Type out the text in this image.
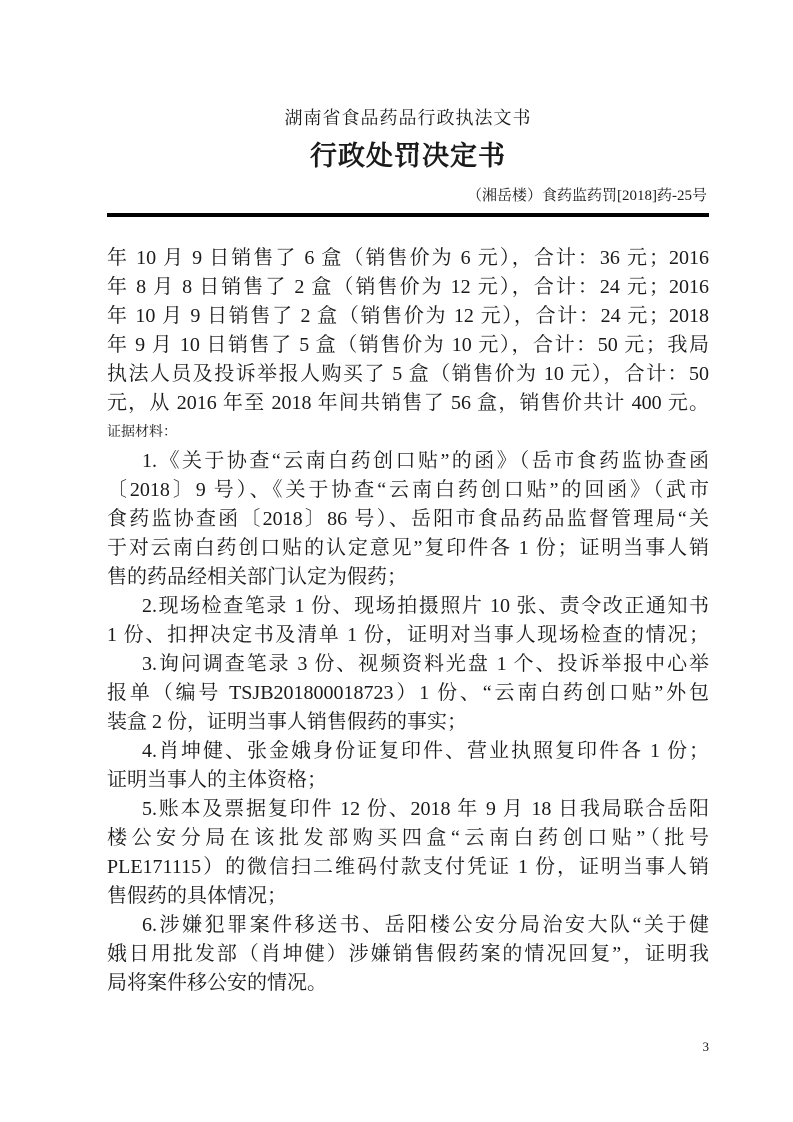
湖南省食品药品行政执法文书
行政处罚决定书
（湘岳楼）食药监药罚[2018]药-25号
年 10 月 9 日销售了 6 盒（销售价为 6 元），合计：36 元；2016
年 8 月 8 日销售了 2 盒（销售价为 12 元），合计：24 元；2016
年 10 月 9 日销售了 2 盒（销售价为 12 元），合计：24 元；2018
年 9 月 10 日销售了 5 盒（销售价为 10 元），合计：50 元；我局
执法人员及投诉举报人购买了 5 盒（销售价为 10 元），合计：50
元，从 2016 年至 2018 年间共销售了 56 盒，销售价共计 400 元。
证据材料：
1.《关于协查“云南白药创口贴”的函》（岳市食药监协查函
〔2018〕9 号）、《关于协查“云南白药创口贴”的回函》（武市
食药监协查函〔2018〕86 号）、岳阳市食品药品监督管理局“关
于对云南白药创口贴的认定意见”复印件各 1 份；证明当事人销
售的药品经相关部门认定为假药；
2.现场检查笔录 1 份、现场拍摄照片 10 张、责令改正通知书
1 份、扣押决定书及清单 1 份，证明对当事人现场检查的情况；
3.询问调查笔录 3 份、视频资料光盘 1 个、投诉举报中心举
报单（编号 TSJB201800018723）1 份、“云南白药创口贴”外包
装盒 2 份，证明当事人销售假药的事实；
4.肖坤健、张金娥身份证复印件、营业执照复印件各 1 份；
证明当事人的主体资格；
5.账本及票据复印件 12 份、2018 年 9 月 18 日我局联合岳阳
楼公安分局在该批发部购买四盒“云南白药创口贴”（批号
PLE171115）的微信扫二维码付款支付凭证 1 份，证明当事人销
售假药的具体情况；
6.涉嫌犯罪案件移送书、岳阳楼公安分局治安大队“关于健
娥日用批发部（肖坤健）涉嫌销售假药案的情况回复”，证明我
局将案件移公安的情况。
3
